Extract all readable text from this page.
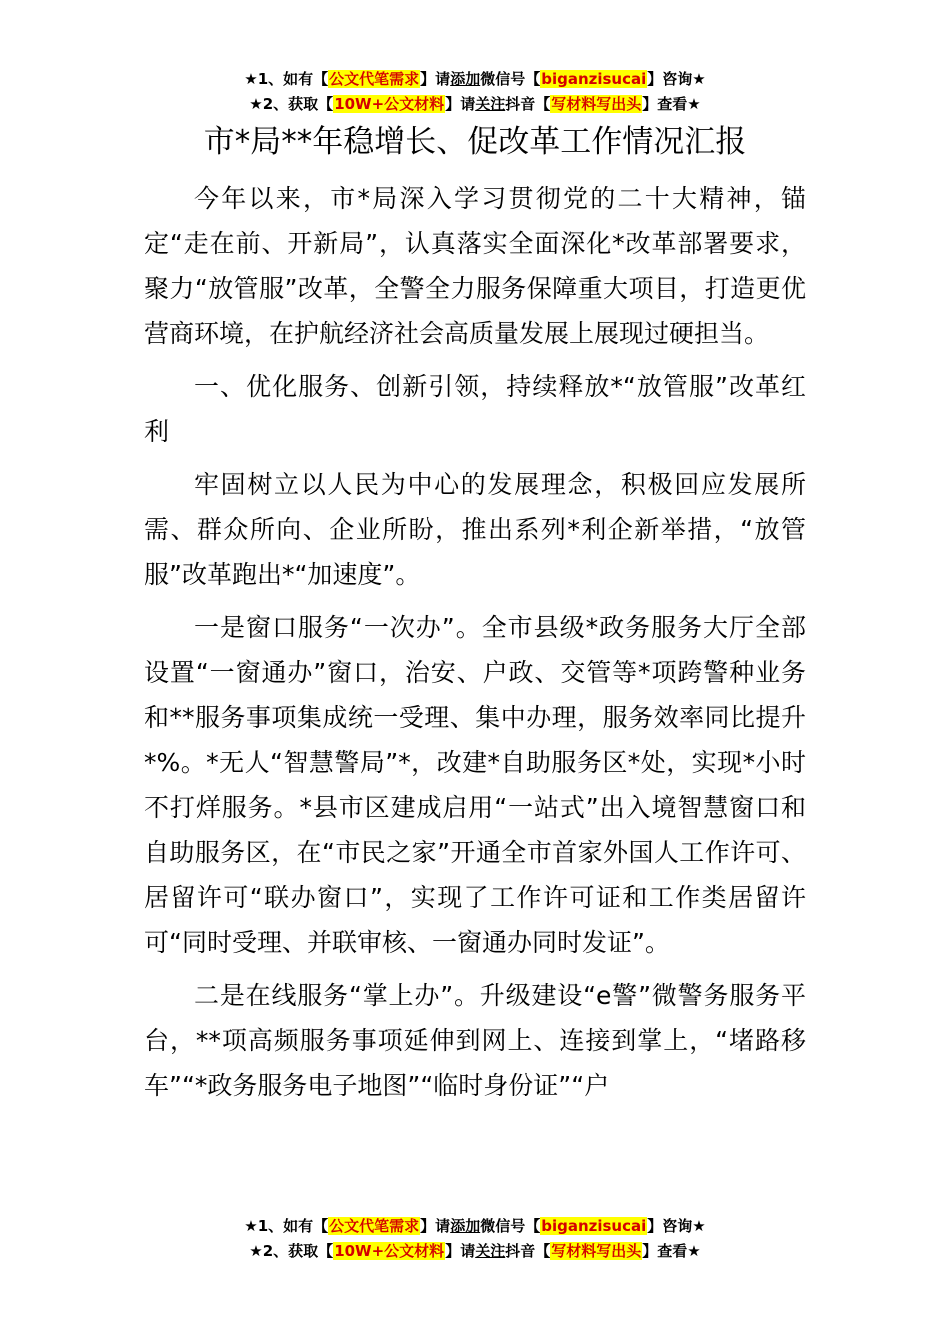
★1、如有【公文代笔需求】请添加微信号【biganzisucai】咨询★
★2、获取【10W+公文材料】请关注抖音【写材料写出头】查看★
市*局**年稳增长、促改革工作情况汇报

今年以来，市*局深入学习贯彻党的二十大精神，锚定“走在前、开新局”，认真落实全面深化*改革部署要求，聚力“放管服”改革，全警全力服务保障重大项目，打造更优营商环境，在护航经济社会高质量发展上展现过硬担当。

一、优化服务、创新引领，持续释放*“放管服”改革红利

牢固树立以人民为中心的发展理念，积极回应发展所需、群众所向、企业所盼，推出系列*利企新举措，“放管服”改革跑出*“加速度”。

一是窗口服务“一次办”。全市县级*政务服务大厅全部设置“一窗通办”窗口，治安、户政、交管等*项跨警种业务和**服务事项集成统一受理、集中办理，服务效率同比提升*%。*无人“智慧警局”*，改建*自助服务区*处，实现*小时不打烊服务。*县市区建成启用“一站式”出入境智慧窗口和自助服务区，在“市民之家”开通全市首家外国人工作许可、居留许可“联办窗口”，实现了工作许可证和工作类居留许可“同时受理、并联审核、一窗通办同时发证”。

二是在线服务“掌上办”。升级建设“e警”微警务服务平台，**项高频服务事项延伸到网上、连接到掌上，“堵路移车”“*政务服务电子地图”“临时身份证”“户

★1、如有【公文代笔需求】请添加微信号【biganzisucai】咨询★
★2、获取【10W+公文材料】请关注抖音【写材料写出头】查看★
